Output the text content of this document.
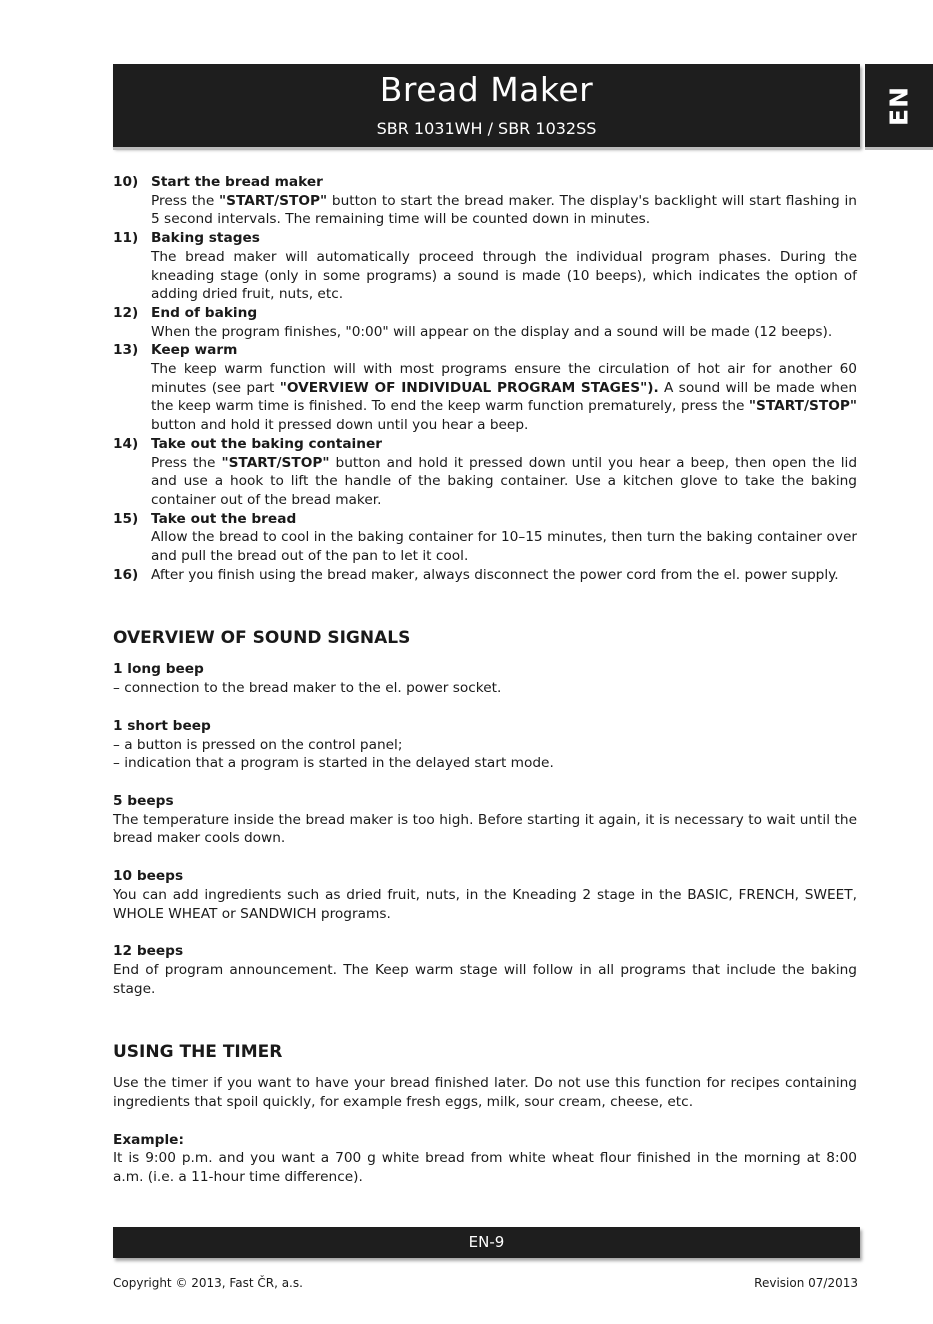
Bread Maker
SBR 1031WH / SBR 1032SS
EN
10) Start the bread maker
Press the "START/STOP" button to start the bread maker. The display's backlight will start flashing in 5 second intervals. The remaining time will be counted down in minutes.
11) Baking stages
The bread maker will automatically proceed through the individual program phases. During the kneading stage (only in some programs) a sound is made (10 beeps), which indicates the option of adding dried fruit, nuts, etc.
12) End of baking
When the program finishes, "0:00" will appear on the display and a sound will be made (12 beeps).
13) Keep warm
The keep warm function will with most programs ensure the circulation of hot air for another 60 minutes (see part "OVERVIEW OF INDIVIDUAL PROGRAM STAGES"). A sound will be made when the keep warm time is finished. To end the keep warm function prematurely, press the "START/STOP" button and hold it pressed down until you hear a beep.
14) Take out the baking container
Press the "START/STOP" button and hold it pressed down until you hear a beep, then open the lid and use a hook to lift the handle of the baking container. Use a kitchen glove to take the baking container out of the bread maker.
15) Take out the bread
Allow the bread to cool in the baking container for 10–15 minutes, then turn the baking container over and pull the bread out of the pan to let it cool.
16) After you finish using the bread maker, always disconnect the power cord from the el. power supply.
OVERVIEW OF SOUND SIGNALS
1 long beep
– connection to the bread maker to the el. power socket.
1 short beep
– a button is pressed on the control panel;
– indication that a program is started in the delayed start mode.
5 beeps
The temperature inside the bread maker is too high. Before starting it again, it is necessary to wait until the bread maker cools down.
10 beeps
You can add ingredients such as dried fruit, nuts, in the Kneading 2 stage in the BASIC, FRENCH, SWEET, WHOLE WHEAT or SANDWICH programs.
12 beeps
End of program announcement. The Keep warm stage will follow in all programs that include the baking stage.
USING THE TIMER
Use the timer if you want to have your bread finished later. Do not use this function for recipes containing ingredients that spoil quickly, for example fresh eggs, milk, sour cream, cheese, etc.
Example:
It is 9:00 p.m. and you want a 700 g white bread from white wheat flour finished in the morning at 8:00 a.m. (i.e. a 11-hour time difference).
EN-9
Copyright © 2013, Fast ČR, a.s.	Revision 07/2013
